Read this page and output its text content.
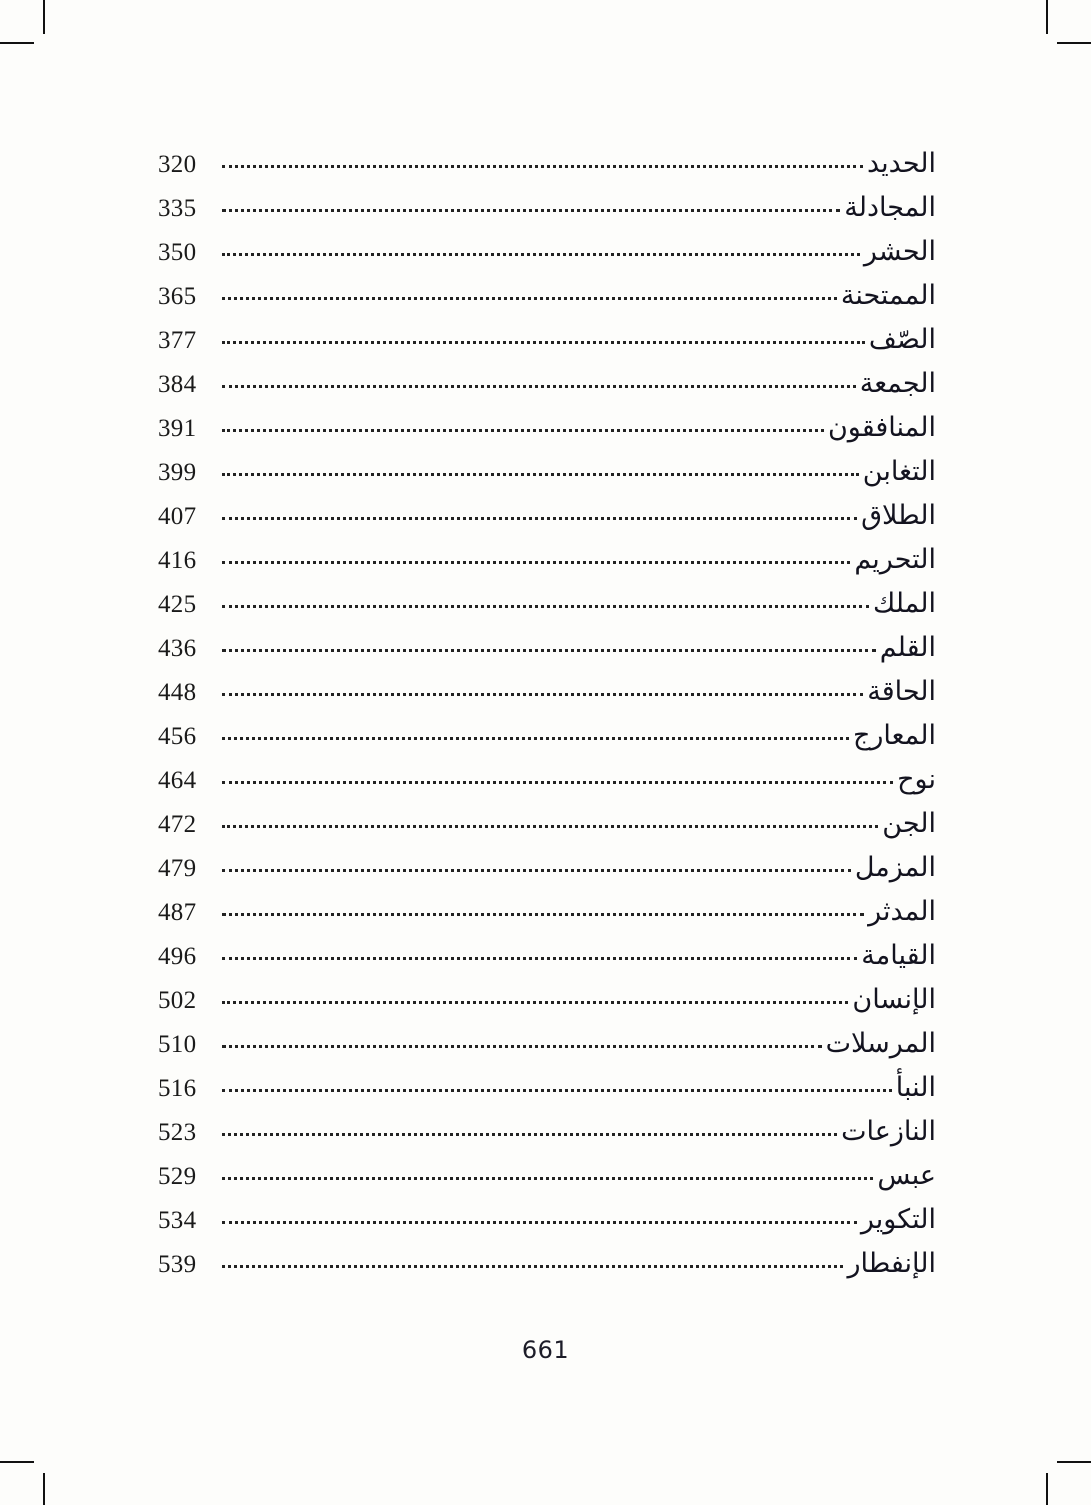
320	الحديد
335	المجادلة
350	الحشر
365	الممتحنة
377	الصّف
384	الجمعة
391	المنافقون
399	التغابن
407	الطلاق
416	التحريم
425	الملك
436	القلم
448	الحاقة
456	المعارج
464	نوح
472	الجن
479	المزمل
487	المدثر
496	القيامة
502	الإنسان
510	المرسلات
516	النبأ
523	النازعات
529	عبس
534	التكوير
539	الإنفطار
661
